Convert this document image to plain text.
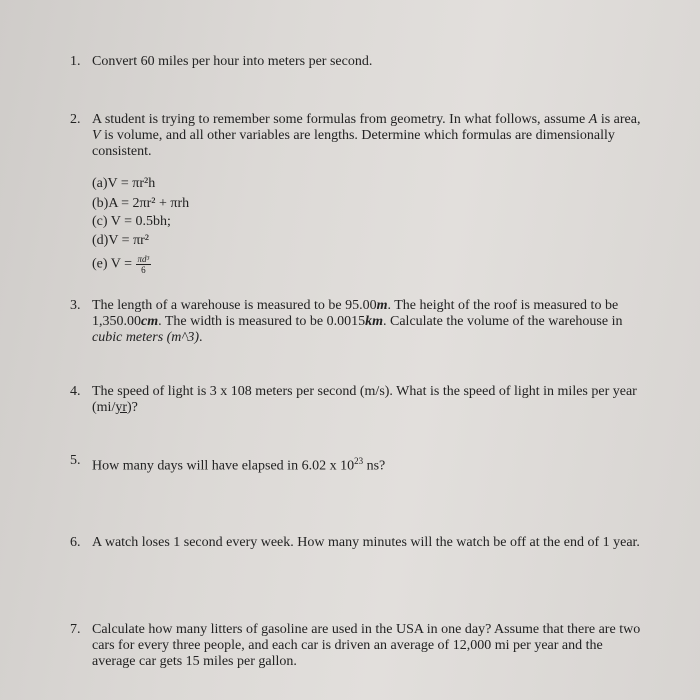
1. Convert 60 miles per hour into meters per second.
2. A student is trying to remember some formulas from geometry. In what follows, assume A is area, V is volume, and all other variables are lengths. Determine which formulas are dimensionally consistent.
(a)V = πr²h
(b)A = 2πr² + πrh
(c) V = 0.5bh;
(d)V = πr²
(e) $V = \frac{\text{πd³}}{6}$
3. The length of a warehouse is measured to be 95.00m. The height of the roof is measured to be 1,350.00cm. The width is measured to be 0.0015km. Calculate the volume of the warehouse in cubic meters (m^3).
4. The speed of light is 3 x 108 meters per second (m/s). What is the speed of light in miles per year (mi/yr)?
5. How many days will have elapsed in 6.02 x $10^{23}$ ns?
6. A watch loses 1 second every week. How many minutes will the watch be off at the end of 1 year.
7. Calculate how many litters of gasoline are used in the USA in one day? Assume that there are two cars for every three people, and each car is driven an average of 12,000 mi per year and the average car gets 15 miles per gallon.
